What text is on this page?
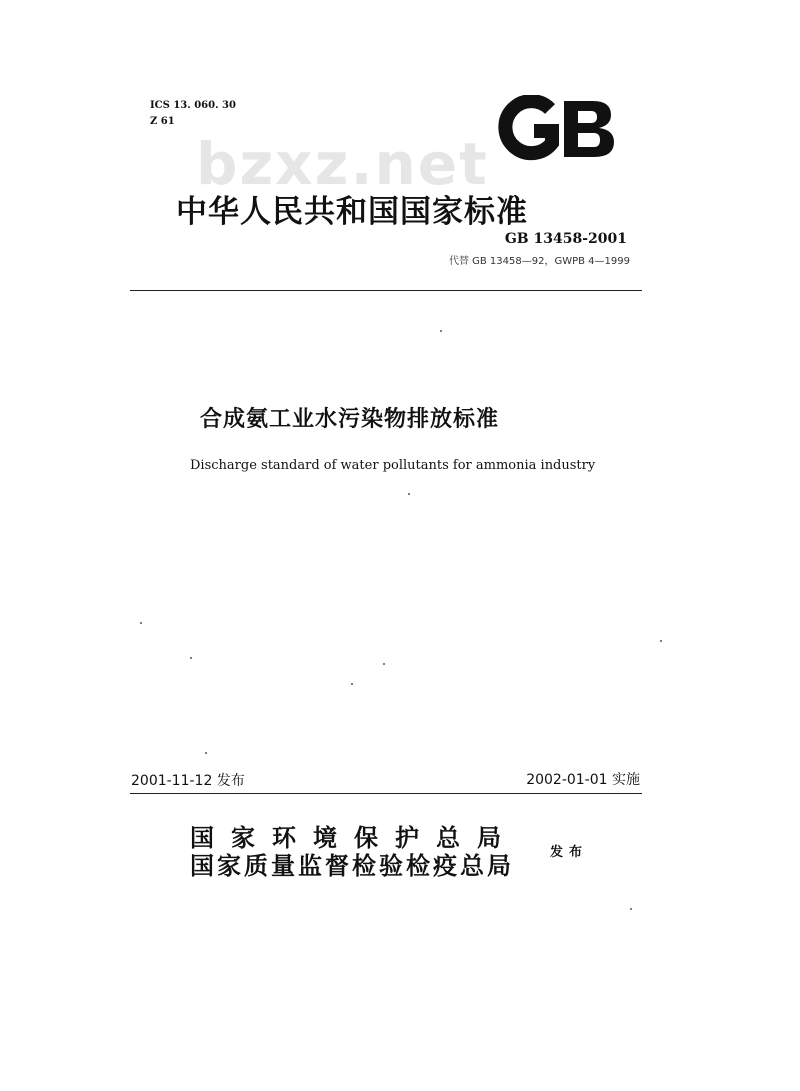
ICS 13. 060. 30
Z 61
bzxz.net
中华人民共和国国家标准
GB 13458-2001
代替 GB 13458—92，GWPB 4—1999
合成氨工业水污染物排放标准
Discharge standard of water pollutants for ammonia industry
2001-11-12 发布	2002-01-01 实施
国家环境保护总局
国家质量监督检验检疫总局	发布
